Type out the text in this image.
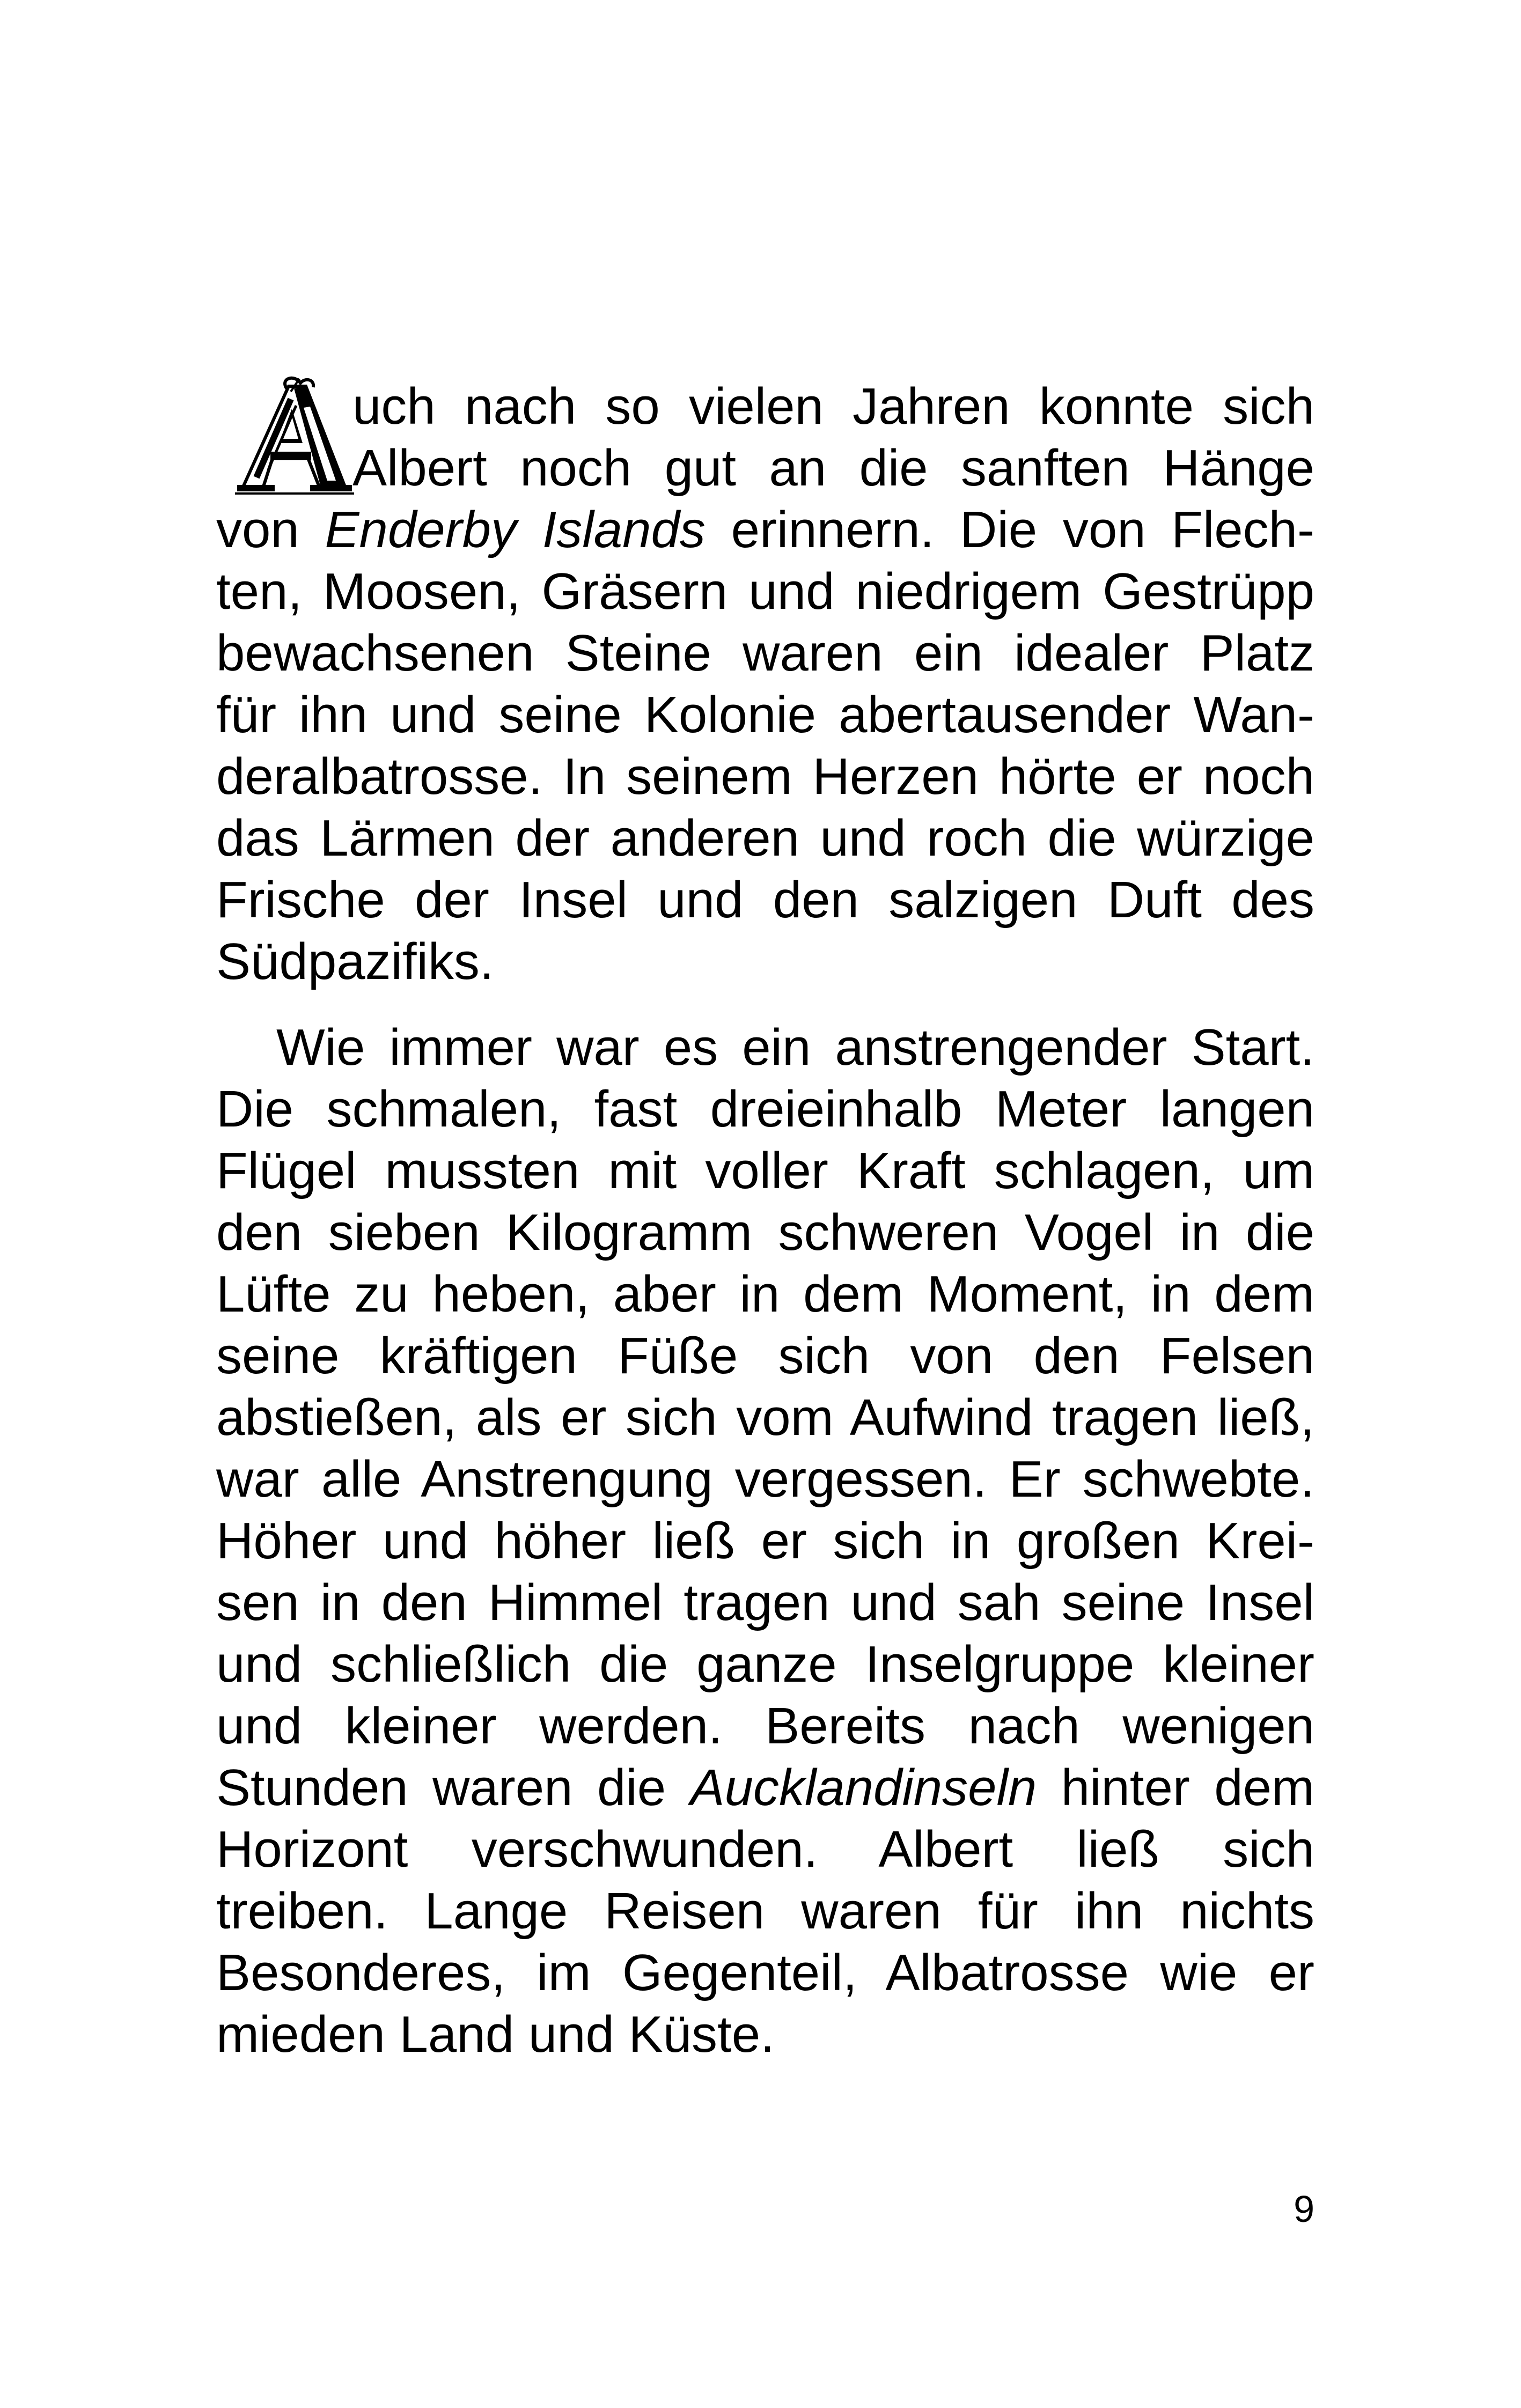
uch nach so vielen Jahren konnte sich
Albert noch gut an die sanften Hänge
von Enderby Islands erinnern. Die von Flech-
ten, Moosen, Gräsern und niedrigem Gestrüpp
bewachsenen Steine waren ein idealer Platz
für ihn und seine Kolonie abertausender Wan-
deralbatrosse. In seinem Herzen hörte er noch
das Lärmen der anderen und roch die würzige
Frische der Insel und den salzigen Duft des
Südpazifiks.
Wie immer war es ein anstrengender Start.
Die schmalen, fast dreieinhalb Meter langen
Flügel mussten mit voller Kraft schlagen, um
den sieben Kilogramm schweren Vogel in die
Lüfte zu heben, aber in dem Moment, in dem
seine kräftigen Füße sich von den Felsen
abstießen, als er sich vom Aufwind tragen ließ,
war alle Anstrengung vergessen. Er schwebte.
Höher und höher ließ er sich in großen Krei-
sen in den Himmel tragen und sah seine Insel
und schließlich die ganze Inselgruppe kleiner
und kleiner werden. Bereits nach wenigen
Stunden waren die Aucklandinseln hinter dem
Horizont verschwunden. Albert ließ sich
treiben. Lange Reisen waren für ihn nichts
Besonderes, im Gegenteil, Albatrosse wie er
mieden Land und Küste.
9
